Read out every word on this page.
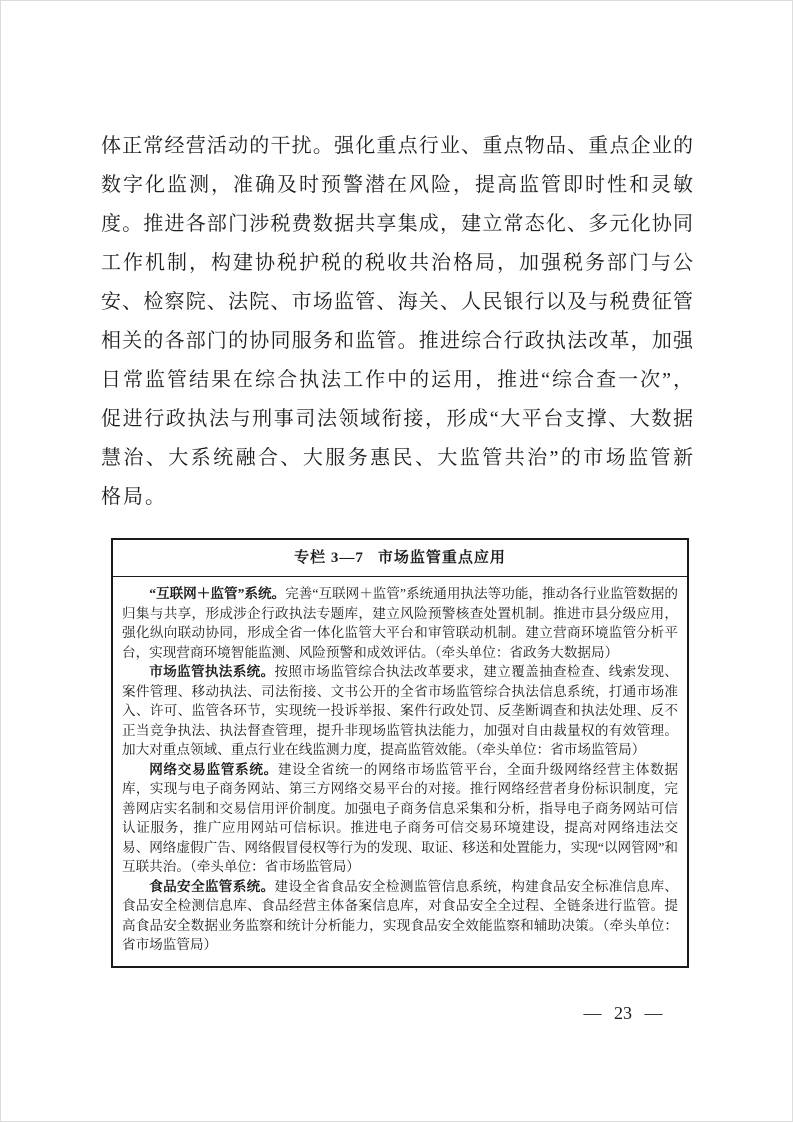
体正常经营活动的干扰。强化重点行业、重点物品、重点企业的
数字化监测，准确及时预警潜在风险，提高监管即时性和灵敏
度。推进各部门涉税费数据共享集成，建立常态化、多元化协同
工作机制，构建协税护税的税收共治格局，加强税务部门与公
安、检察院、法院、市场监管、海关、人民银行以及与税费征管
相关的各部门的协同服务和监管。推进综合行政执法改革，加强
日常监管结果在综合执法工作中的运用，推进“综合查一次”，
促进行政执法与刑事司法领域衔接，形成“大平台支撑、大数据
慧治、大系统融合、大服务惠民、大监管共治”的市场监管新
格局。
专栏 3—7 市场监管重点应用

“互联网＋监管”系统。完善“互联网＋监管”系统通用执法等功能，推动各行业监管数据的归集与共享，形成涉企行政执法专题库，建立风险预警核查处置机制。推进市县分级应用，强化纵向联动协同，形成全省一体化监管大平台和审管联动机制。建立营商环境监管分析平台，实现营商环境智能监测、风险预警和成效评估。（牵头单位：省政务大数据局）

市场监管执法系统。按照市场监管综合执法改革要求，建立覆盖抽查检查、线索发现、案件管理、移动执法、司法衔接、文书公开的全省市场监管综合执法信息系统，打通市场准入、许可、监管各环节，实现统一投诉举报、案件行政处罚、反垄断调查和执法处理、反不正当竞争执法、执法督查管理，提升非现场监管执法能力，加强对自由裁量权的有效管理。加大对重点领域、重点行业在线监测力度，提高监管效能。（牵头单位：省市场监管局）

网络交易监管系统。建设全省统一的网络市场监管平台，全面升级网络经营主体数据库，实现与电子商务网站、第三方网络交易平台的对接。推行网络经营者身份标识制度，完善网店实名制和交易信用评价制度。加强电子商务信息采集和分析，指导电子商务网站可信认证服务，推广应用网站可信标识。推进电子商务可信交易环境建设，提高对网络违法交易、网络虚假广告、网络假冒侵权等行为的发现、取证、移送和处置能力，实现“以网管网”和互联共治。（牵头单位：省市场监管局）

食品安全监管系统。建设全省食品安全检测监管信息系统，构建食品安全标准信息库、食品安全检测信息库、食品经营主体备案信息库，对食品安全全过程、全链条进行监管。提高食品安全数据业务监察和统计分析能力，实现食品安全效能监察和辅助决策。（牵头单位：省市场监管局）

— 23 —
